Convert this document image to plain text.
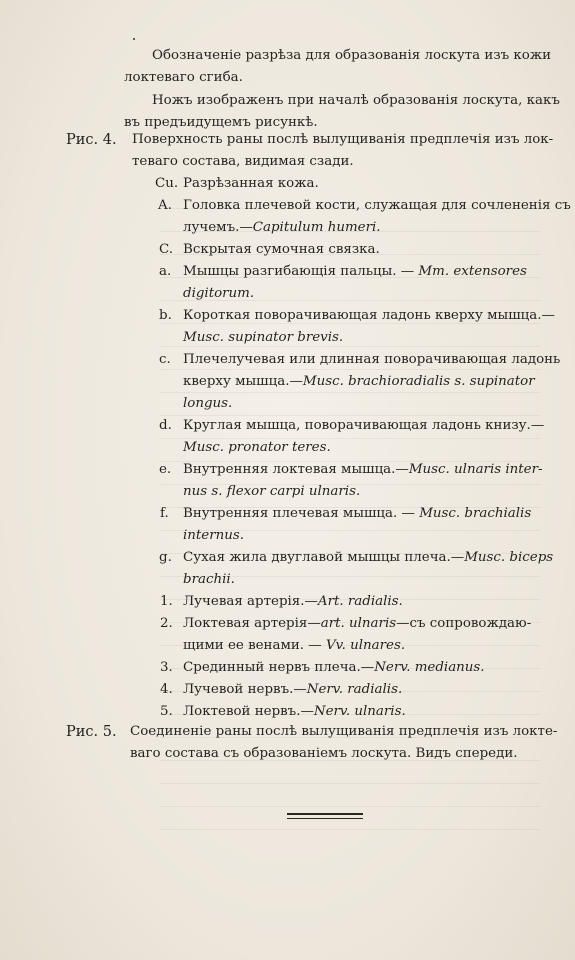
Обозначеніе разрѣза для образованія лоскута изъ кожи
локтеваго сгиба.
Ножъ изображенъ при началѣ образованія лоскута, какъ
въ предъидущемъ рисункѣ.
Рис. 4. Поверхность раны послѣ вылущиванія предплечія изъ лок-
теваго состава, видимая сзади.
Cu. Разрѣзанная кожа.
A. Головка плечевой кости, служащая для сочлененія съ
лучемъ.—Capitulum humeri.
C. Вскрытая сумочная связка.
a. Мышцы разгибающія пальцы. — Mm. extensores
digitorum.
b. Короткая поворачивающая ладонь кверху мышца.—
Musc. supinator brevis.
c. Плечелучевая или длинная поворачивающая ладонь
кверху мышца.—Musc. brachioradialis s. supinator
longus.
d. Круглая мышца, поворачивающая ладонь книзу.—
Musc. pronator teres.
e. Внутренняя локтевая мышца.—Musc. ulnaris inter-
nus s. flexor carpi ulnaris.
f. Внутренняя плечевая мышца. — Musc. brachialis
internus.
g. Сухая жила двуглавой мышцы плеча.—Musc. biceps
brachii.
1. Лучевая артерія.—Art. radialis.
2. Локтевая артерія—art. ulnaris—съ сопровождаю-
щими ее венами. — Vv. ulnares.
3. Срединный нервъ плеча.—Nerv. medianus.
4. Лучевой нервъ.—Nerv. radialis.
5. Локтевой нервъ.—Nerv. ulnaris.
Рис. 5. Соединеніе раны послѣ вылущиванія предплечія изъ локте-
ваго состава съ образованіемъ лоскута. Видъ спереди.
